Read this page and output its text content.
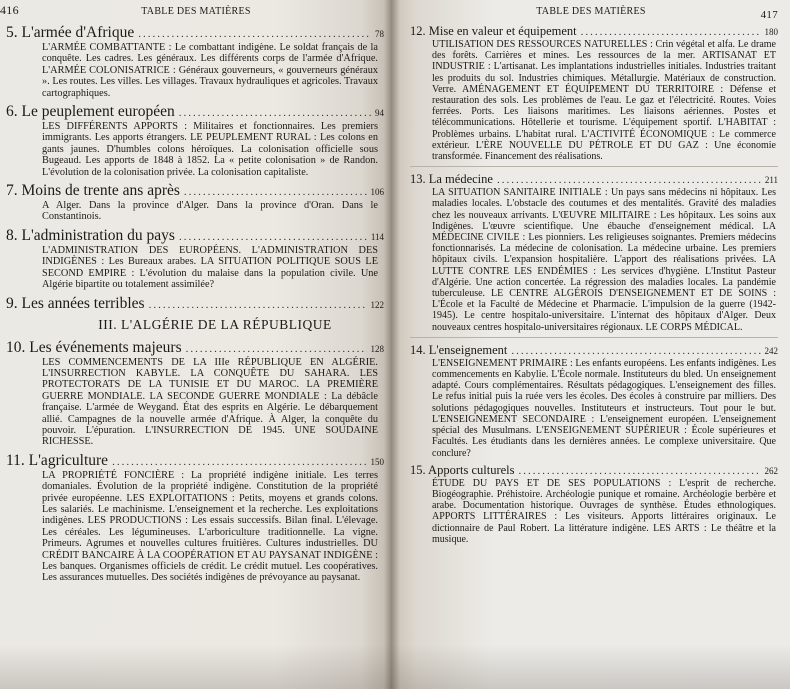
416	TABLE DES MATIÈRES
5. L'armée d'Afrique .....	78
L'ARMÉE COMBATTANTE : Le combattant indigène. Le soldat français de la conquête. Les cadres. Les généraux. Les différents corps de l'armée d'Afrique. L'ARMÉE COLONISATRICE : Généraux gouverneurs, « gouverneurs généraux ». Les routes. Les villes. Les villages. Travaux hydrauliques et agricoles. Travaux cartographiques.
6. Le peuplement européen .....	94
LES DIFFÉRENTS APPORTS : Militaires et fonctionnaires. Les premiers immigrants. Les apports étrangers. LE PEUPLEMENT RURAL : Les colons en gants jaunes. D'humbles colons héroïques. La colonisation officielle sous Bugeaud. Les apports de 1848 à 1852. La « petite colonisation » de Randon. L'évolution de la colonisation privée. La colonisation capitaliste.
7. Moins de trente ans après .....	106
A Alger. Dans la province d'Alger. Dans la province d'Oran. Dans le Constantinois.
8. L'administration du pays .....	114
L'ADMINISTRATION DES EUROPÉENS. L'ADMINISTRATION DES INDIGÈNES : Les Bureaux arabes. LA SITUATION POLITIQUE SOUS LE SECOND EMPIRE : L'évolution du malaise dans la population civile. Une Algérie bipartite ou totalement assimilée?
9. Les années terribles .....	122
III. L'ALGÉRIE DE LA RÉPUBLIQUE
10. Les événements majeurs .....	128
LES COMMENCEMENTS DE LA IIIe RÉPUBLIQUE EN ALGÉRIE. L'INSURRECTION KABYLE. LA CONQUÊTE DU SAHARA. LES PROTECTORATS DE LA TUNISIE ET DU MAROC. LA PREMIÈRE GUERRE MONDIALE. LA SECONDE GUERRE MONDIALE : La débâcle française. L'armée de Weygand. État des esprits en Algérie. Le débarquement allié. Campagnes de la nouvelle armée d'Afrique. À Alger, la conquête du pouvoir. L'épuration. L'INSURRECTION DE 1945. UNE SOUDAINE RICHESSE.
11. L'agriculture .....	150
LA PROPRIÉTÉ FONCIÈRE : La propriété indigène initiale. Les terres domaniales. Évolution de la propriété indigène. Constitution de la propriété privée européenne. LES EXPLOITATIONS : Petits, moyens et grands colons. Les salariés. Le machinisme. L'enseignement et la recherche. Les exploitations indigènes. LES PRODUCTIONS : Les essais successifs. Bilan final. L'élevage. Les céréales. Les légumineuses. L'arboriculture traditionnelle. La vigne. Primeurs. Agrumes et nouvelles cultures fruitières. Cultures industrielles. DU CRÉDIT BANCAIRE À LA COOPÉRATION ET AU PAYSANAT INDIGÈNE : Les banques. Organismes officiels de crédit. Le crédit mutuel. Les coopératives. Les assurances mutuelles. Des sociétés indigènes de prévoyance au paysanat.
TABLE DES MATIÈRES	417
12. Mise en valeur et équipement .....	180
UTILISATION DES RESSOURCES NATURELLES : Crin végétal et alfa. Le drame des forêts. Carrières et mines. Les ressources de la mer. ARTISANAT ET INDUSTRIE : L'artisanat. Les implantations industrielles initiales. Industries traitant les produits du sol. Industries chimiques. Métallurgie. Matériaux de construction. Verre. AMÉNAGEMENT ET ÉQUIPEMENT DU TERRITOIRE : Défense et restauration des sols. Les problèmes de l'eau. Le gaz et l'électricité. Routes. Voies ferrées. Ports. Les liaisons maritimes. Les liaisons aériennes. Postes et télécommunications. Hôtellerie et tourisme. L'équipement sportif. L'HABITAT : Problèmes urbains. L'habitat rural. L'ACTIVITÉ ÉCONOMIQUE : Le commerce extérieur. L'ÈRE NOUVELLE DU PÉTROLE ET DU GAZ : Une économie transformée. Financement des réalisations.
13. La médecine .....	211
LA SITUATION SANITAIRE INITIALE : Un pays sans médecins ni hôpitaux. Les maladies locales. L'obstacle des coutumes et des mentalités. Gravité des maladies chez les nouveaux arrivants. L'ŒUVRE MILITAIRE : Les hôpitaux. Les soins aux Indigènes. L'œuvre scientifique. Une ébauche d'enseignement médical. LA MÉDECINE CIVILE : Les pionniers. Les religieuses soignantes. Premiers médecins fonctionnarisés. La médecine de colonisation. La médecine urbaine. Les premiers hôpitaux civils. L'expansion hospitalière. L'apport des réalisations privées. LA LUTTE CONTRE LES ENDÉMIES : Les services d'hygiène. L'Institut Pasteur d'Algérie. Une action concertée. La régression des maladies locales. La pandémie tuberculeuse. LE CENTRE ALGÉROIS D'ENSEIGNEMENT ET DE SOINS : L'École et la Faculté de Médecine et Pharmacie. L'impulsion de la guerre (1942-1945). Le centre hospitalo-universitaire. L'internat des hôpitaux d'Alger. Deux nouveaux centres hospitalo-universitaires régionaux. LE CORPS MÉDICAL.
14. L'enseignement .....	242
L'ENSEIGNEMENT PRIMAIRE : Les enfants européens. Les enfants indigènes. Les commencements en Kabylie. L'École normale. Instituteurs du bled. Un enseignement adapté. Cours complémentaires. Résultats pédagogiques. L'enseignement des filles. Le refus initial puis la ruée vers les écoles. Des écoles à construire par milliers. Des solutions pédagogiques nouvelles. Instituteurs et instructeurs. Tout pour le but. L'ENSEIGNEMENT SECONDAIRE : L'enseignement européen. L'enseignement spécial des Musulmans. L'ENSEIGNEMENT SUPÉRIEUR : École supérieures et Facultés. Les étudiants dans les dernières années. Le complexe universitaire. Que conclure?
15. Apports culturels .....	262
ÉTUDE DU PAYS ET DE SES POPULATIONS : L'esprit de recherche. Biogéographie. Préhistoire. Archéologie punique et romaine. Archéologie berbère et arabe. Documentation historique. Ouvrages de synthèse. Études ethnologiques. APPORTS LITTÉRAIRES : Les visiteurs. Apports littéraires originaux. Le dictionnaire de Paul Robert. La littérature indigène. LES ARTS : Le théâtre et la musique.
